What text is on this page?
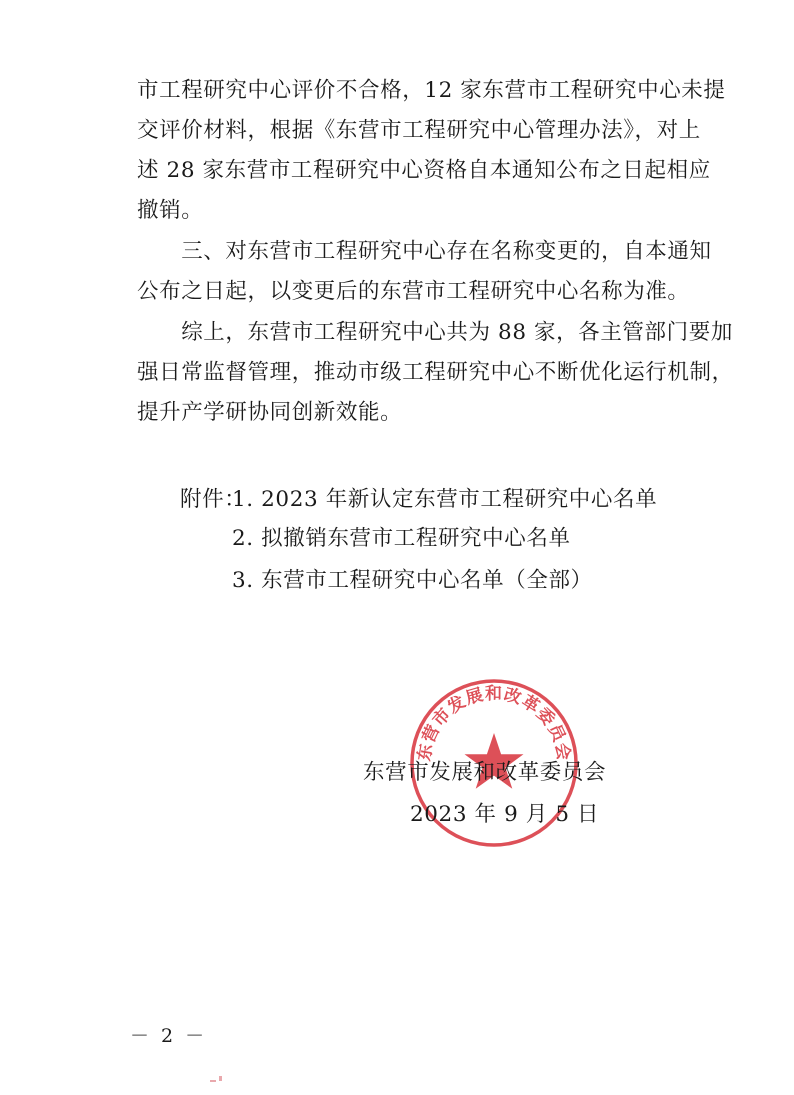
市工程研究中心评价不合格，12 家东营市工程研究中心未提

交评价材料，根据《东营市工程研究中心管理办法》，对上

述 28 家东营市工程研究中心资格自本通知公布之日起相应

撤销。

　　三、对东营市工程研究中心存在名称变更的，自本通知

公布之日起，以变更后的东营市工程研究中心名称为准。

　　综上，东营市工程研究中心共为 88 家，各主管部门要加

强日常监督管理，推动市级工程研究中心不断优化运行机制，

提升产学研协同创新效能。

附件：
1. 2023 年新认定东营市工程研究中心名单
2. 拟撤销东营市工程研究中心名单
3. 东营市工程研究中心名单（全部）
东营市发展和改革委员会
东营市发展和改革委员会
2023 年 9 月 5 日
－ 2 －
